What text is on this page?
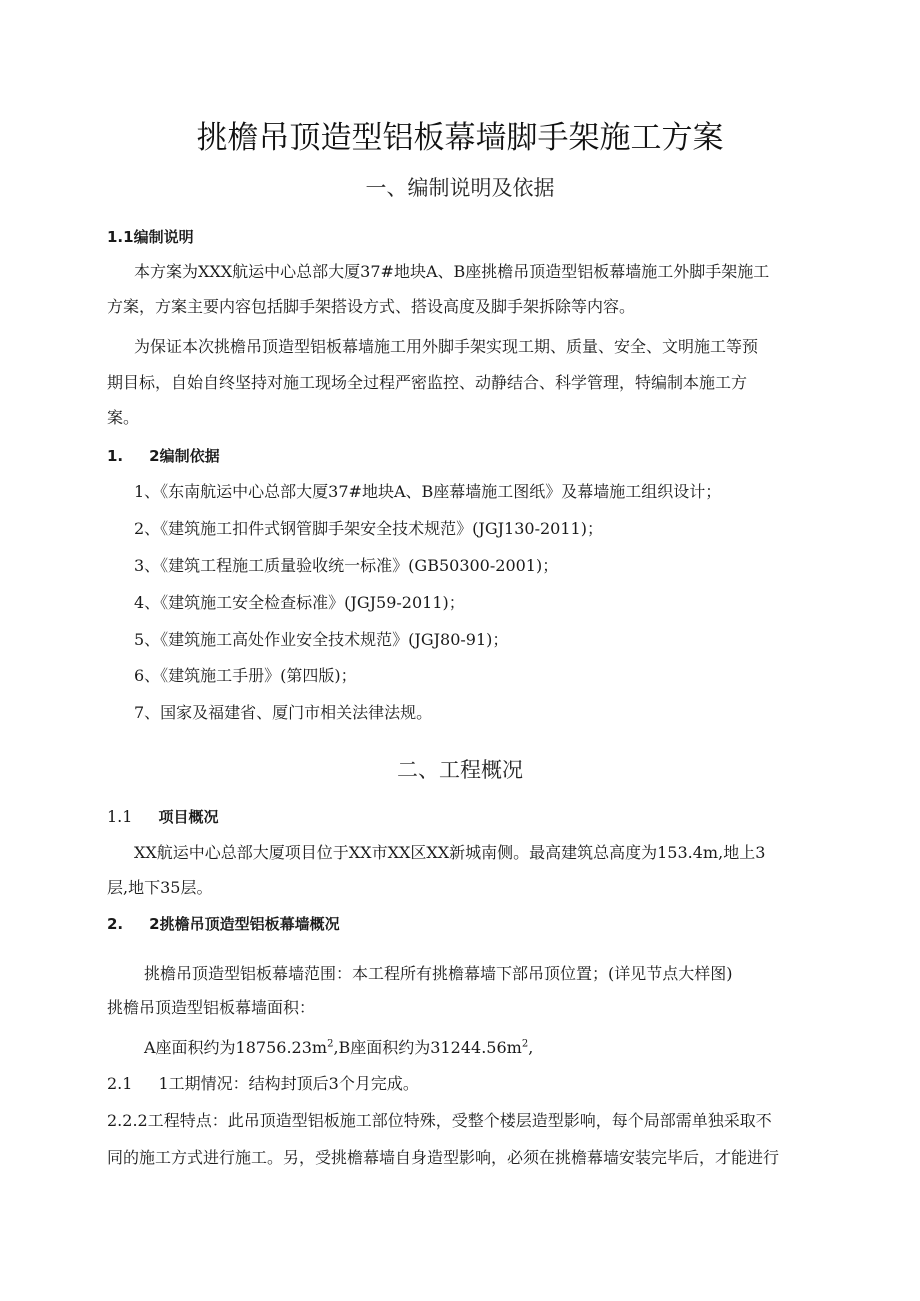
挑檐吊顶造型铝板幕墙脚手架施工方案
一、编制说明及依据
1.1编制说明
本方案为XXX航运中心总部大厦37#地块A、B座挑檐吊顶造型铝板幕墙施工外脚手架施工
方案，方案主要内容包括脚手架搭设方式、搭设高度及脚手架拆除等内容。
为保证本次挑檐吊顶造型铝板幕墙施工用外脚手架实现工期、质量、安全、文明施工等预
期目标，自始自终坚持对施工现场全过程严密监控、动静结合、科学管理，特编制本施工方
案。
1. 2编制依据
1、《东南航运中心总部大厦37#地块A、B座幕墙施工图纸》及幕墙施工组织设计；
2、《建筑施工扣件式钢管脚手架安全技术规范》(JGJ130-2011)；
3、《建筑工程施工质量验收统一标准》(GB50300-2001)；
4、《建筑施工安全检查标准》(JGJ59-2011)；
5、《建筑施工高处作业安全技术规范》(JGJ80-91)；
6、《建筑施工手册》(第四版)；
7、国家及福建省、厦门市相关法律法规。
二、工程概况
1.1 项目概况
XX航运中心总部大厦项目位于XX市XX区XX新城南侧。最高建筑总高度为153.4m,地上3
层,地下35层。
2. 2挑檐吊顶造型铝板幕墙概况
挑檐吊顶造型铝板幕墙范围：本工程所有挑檐幕墙下部吊顶位置；(详见节点大样图)
挑檐吊顶造型铝板幕墙面积：
A座面积约为$18756.23m^2,B$座面积约为$31244.56m^2$,
2.1 1工期情况：结构封顶后3个月完成。
2.2.2工程特点：此吊顶造型铝板施工部位特殊，受整个楼层造型影响，每个局部需单独采取不
同的施工方式进行施工。另，受挑檐幕墙自身造型影响，必须在挑檐幕墙安装完毕后，才能进行
